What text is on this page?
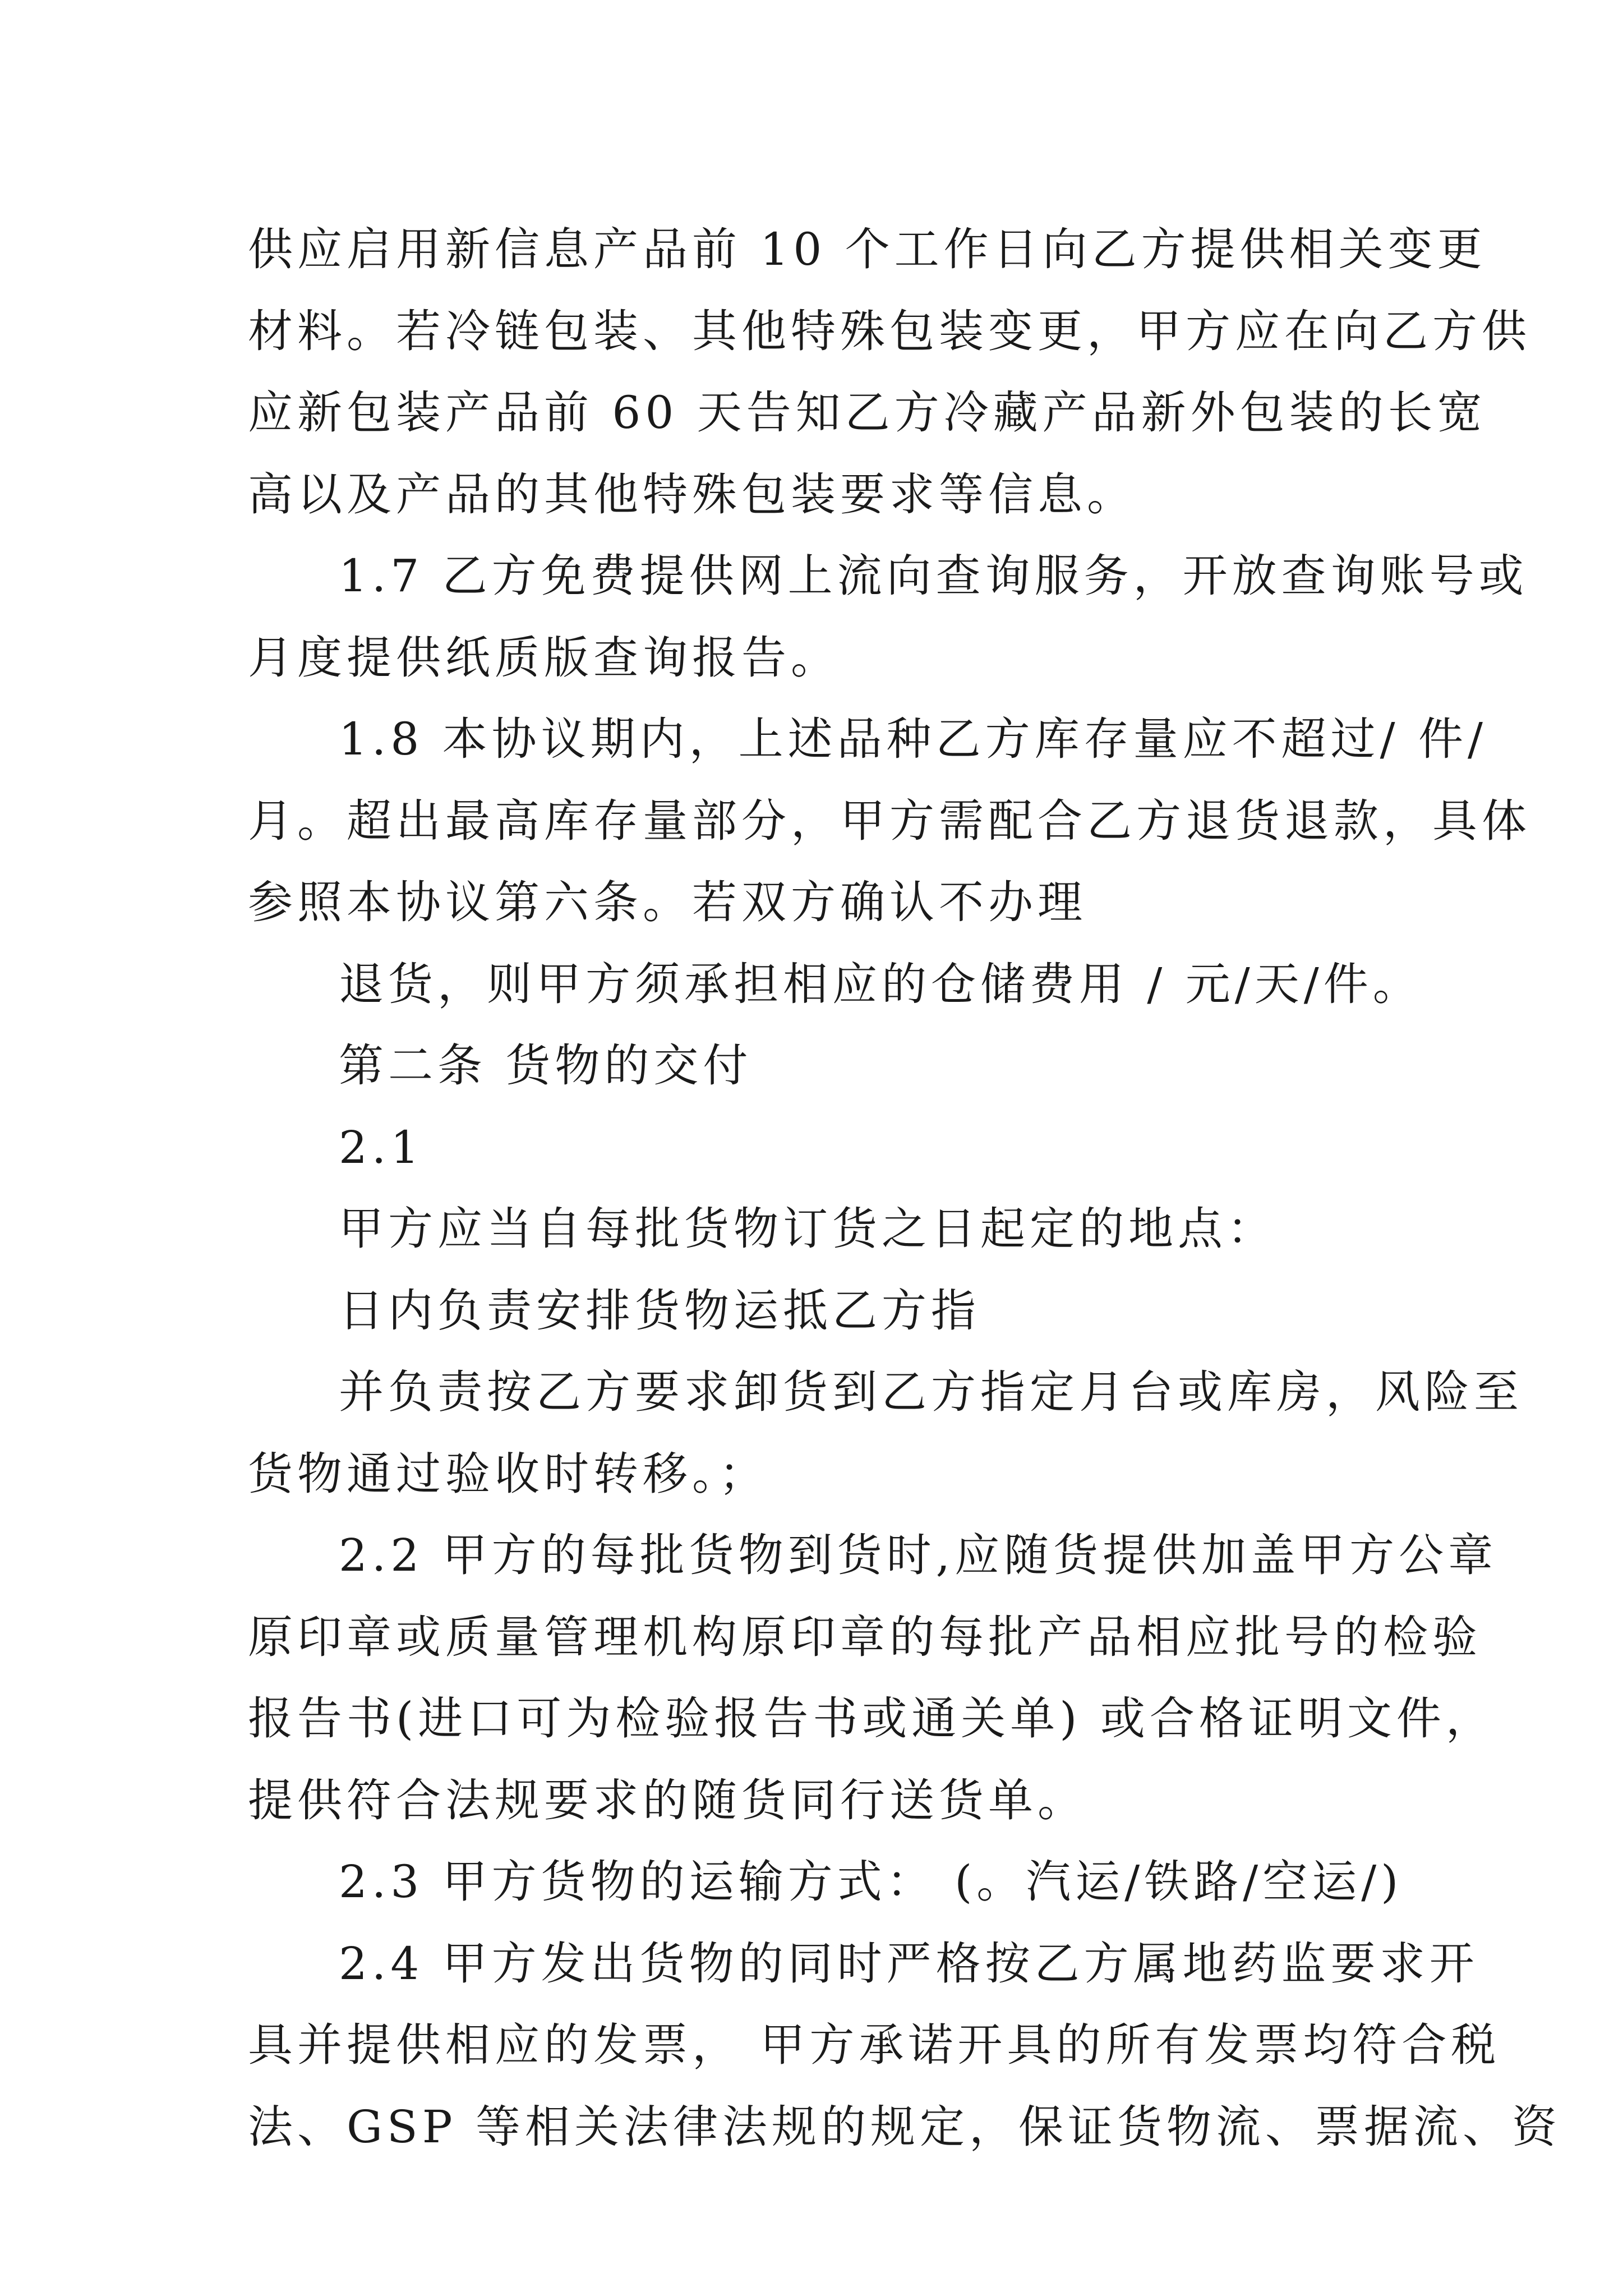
供应启用新信息产品前 10 个工作日向乙方提供相关变更
材料。若冷链包装、其他特殊包装变更，甲方应在向乙方供
应新包装产品前 60 天告知乙方冷藏产品新外包装的长宽
高以及产品的其他特殊包装要求等信息。
1.7 乙方免费提供网上流向查询服务，开放查询账号或
月度提供纸质版查询报告。
1.8 本协议期内，上述品种乙方库存量应不超过/ 件/
月。超出最高库存量部分，甲方需配合乙方退货退款，具体
参照本协议第六条。若双方确认不办理
退货，则甲方须承担相应的仓储费用 / 元/天/件。
第二条 货物的交付
2.1
甲方应当自每批货物订货之日起定的地点：
日内负责安排货物运抵乙方指
并负责按乙方要求卸货到乙方指定月台或库房，风险至
货物通过验收时转移。；
2.2 甲方的每批货物到货时,应随货提供加盖甲方公章
原印章或质量管理机构原印章的每批产品相应批号的检验
报告书(进口可为检验报告书或通关单) 或合格证明文件，
提供符合法规要求的随货同行送货单。
2.3 甲方货物的运输方式： (。汽运/铁路/空运/)
2.4 甲方发出货物的同时严格按乙方属地药监要求开
具并提供相应的发票， 甲方承诺开具的所有发票均符合税
法、GSP 等相关法律法规的规定，保证货物流、票据流、资
